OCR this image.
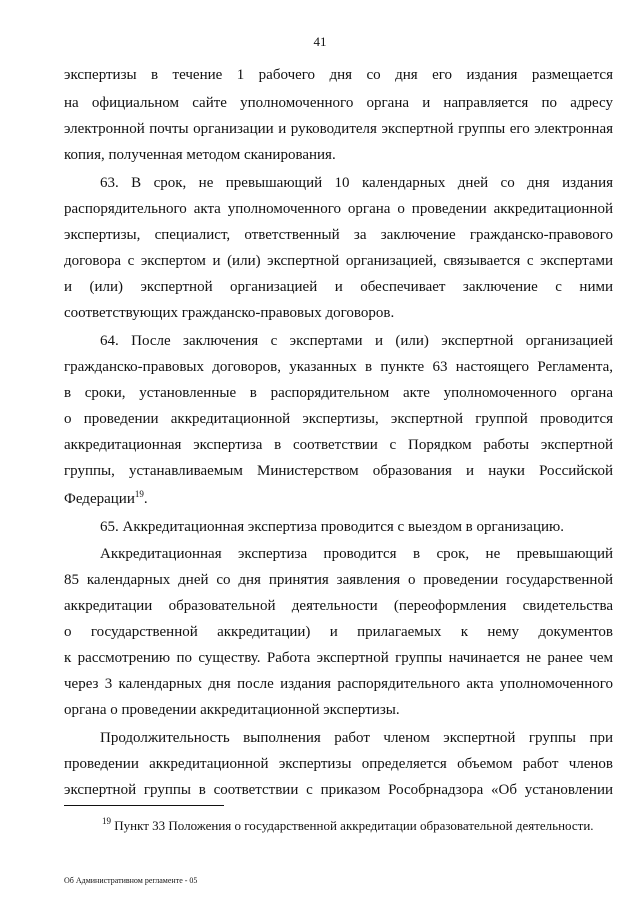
41
экспертизы в течение 1 рабочего дня со дня его издания размещается
на официальном сайте уполномоченного органа и направляется по адресу
электронной почты организации и руководителя экспертной группы его электронная
копия, полученная методом сканирования.
63. В срок, не превышающий 10 календарных дней со дня издания
распорядительного акта уполномоченного органа о проведении аккредитационной
экспертизы, специалист, ответственный за заключение гражданско-правового
договора с экспертом и (или) экспертной организацией, связывается с экспертами
и (или) экспертной организацией и обеспечивает заключение с ними
соответствующих гражданско-правовых договоров.
64. После заключения с экспертами и (или) экспертной организацией
гражданско-правовых договоров, указанных в пункте 63 настоящего Регламента,
в сроки, установленные в распорядительном акте уполномоченного органа
о проведении аккредитационной экспертизы, экспертной группой проводится
аккредитационная экспертиза в соответствии с Порядком работы экспертной
группы, устанавливаемым Министерством образования и науки Российской
Федерации$^{19}$.
65. Аккредитационная экспертиза проводится с выездом в организацию.
Аккредитационная экспертиза проводится в срок, не превышающий
85 календарных дней со дня принятия заявления о проведении государственной
аккредитации образовательной деятельности (переоформления свидетельства
о государственной аккредитации) и прилагаемых к нему документов
к рассмотрению по существу. Работа экспертной группы начинается не ранее чем
через 3 календарных дня после издания распорядительного акта уполномоченного
органа о проведении аккредитационной экспертизы.
Продолжительность выполнения работ членом экспертной группы при
проведении аккредитационной экспертизы определяется объемом работ членов
экспертной группы в соответствии с приказом Рособрнадзора «Об установлении
$^{19}$ Пункт 33 Положения о государственной аккредитации образовательной деятельности.
Об Административном регламенте - 05
